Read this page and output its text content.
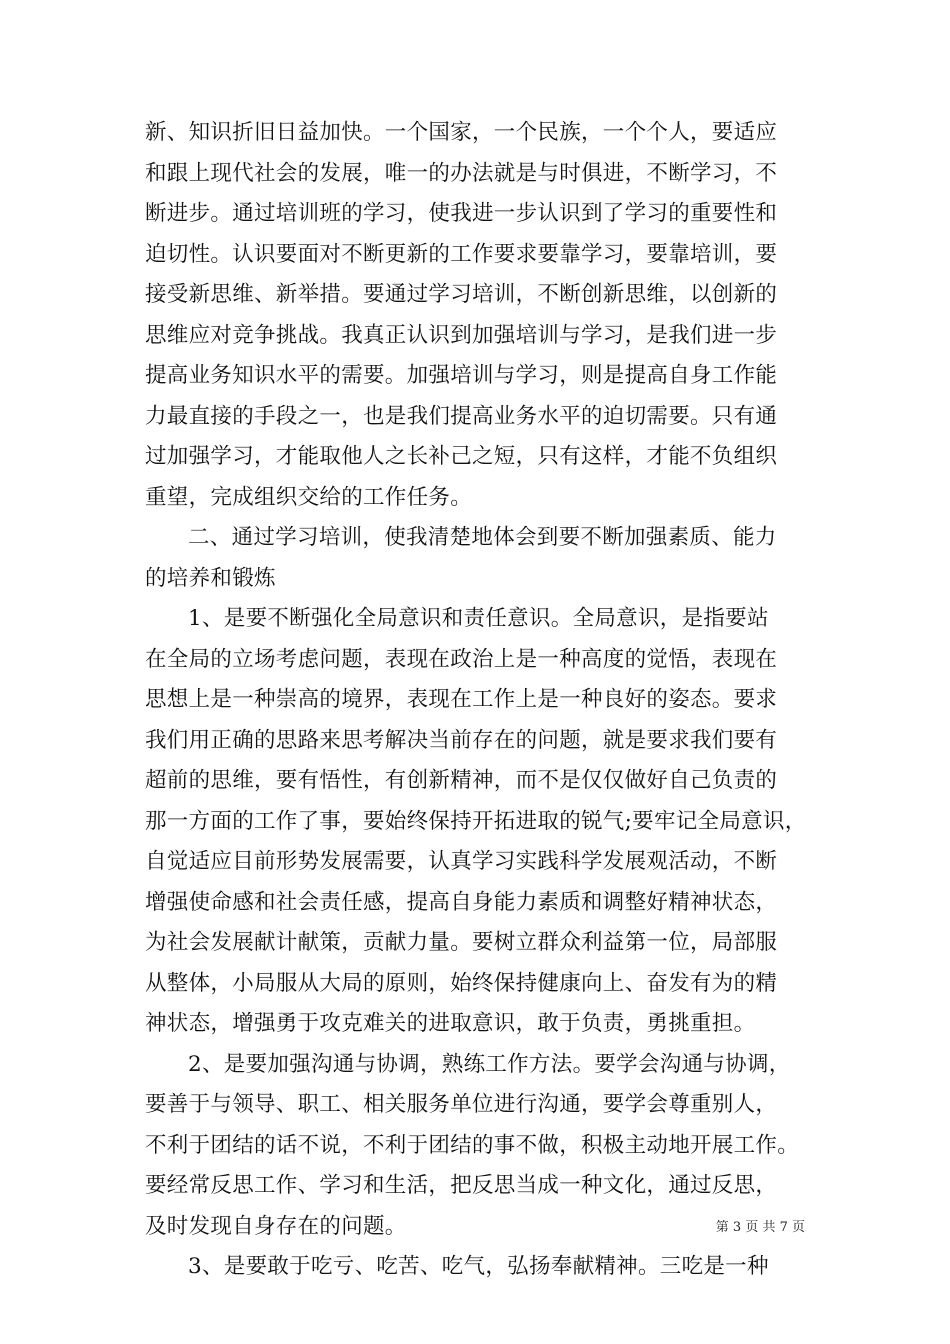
新、知识折旧日益加快。一个国家，一个民族，一个个人，要适应
和跟上现代社会的发展，唯一的办法就是与时俱进，不断学习，不
断进步。通过培训班的学习，使我进一步认识到了学习的重要性和
迫切性。认识要面对不断更新的工作要求要靠学习，要靠培训，要
接受新思维、新举措。要通过学习培训，不断创新思维，以创新的
思维应对竞争挑战。我真正认识到加强培训与学习，是我们进一步
提高业务知识水平的需要。加强培训与学习，则是提高自身工作能
力最直接的手段之一，也是我们提高业务水平的迫切需要。只有通
过加强学习，才能取他人之长补己之短，只有这样，才能不负组织
重望，完成组织交给的工作任务。
二、通过学习培训，使我清楚地体会到要不断加强素质、能力
的培养和锻炼
1、是要不断强化全局意识和责任意识。全局意识，是指要站
在全局的立场考虑问题，表现在政治上是一种高度的觉悟，表现在
思想上是一种崇高的境界，表现在工作上是一种良好的姿态。要求
我们用正确的思路来思考解决当前存在的问题，就是要求我们要有
超前的思维，要有悟性，有创新精神，而不是仅仅做好自己负责的
那一方面的工作了事，要始终保持开拓进取的锐气;要牢记全局意识，
自觉适应目前形势发展需要，认真学习实践科学发展观活动，不断
增强使命感和社会责任感，提高自身能力素质和调整好精神状态，
为社会发展献计献策，贡献力量。要树立群众利益第一位，局部服
从整体，小局服从大局的原则，始终保持健康向上、奋发有为的精
神状态，增强勇于攻克难关的进取意识，敢于负责，勇挑重担。
2、是要加强沟通与协调，熟练工作方法。要学会沟通与协调，
要善于与领导、职工、相关服务单位进行沟通，要学会尊重别人，
不利于团结的话不说，不利于团结的事不做，积极主动地开展工作。
要经常反思工作、学习和生活，把反思当成一种文化，通过反思，
及时发现自身存在的问题。
3、是要敢于吃亏、吃苦、吃气，弘扬奉献精神。三吃是一种
第 3 页 共 7 页
